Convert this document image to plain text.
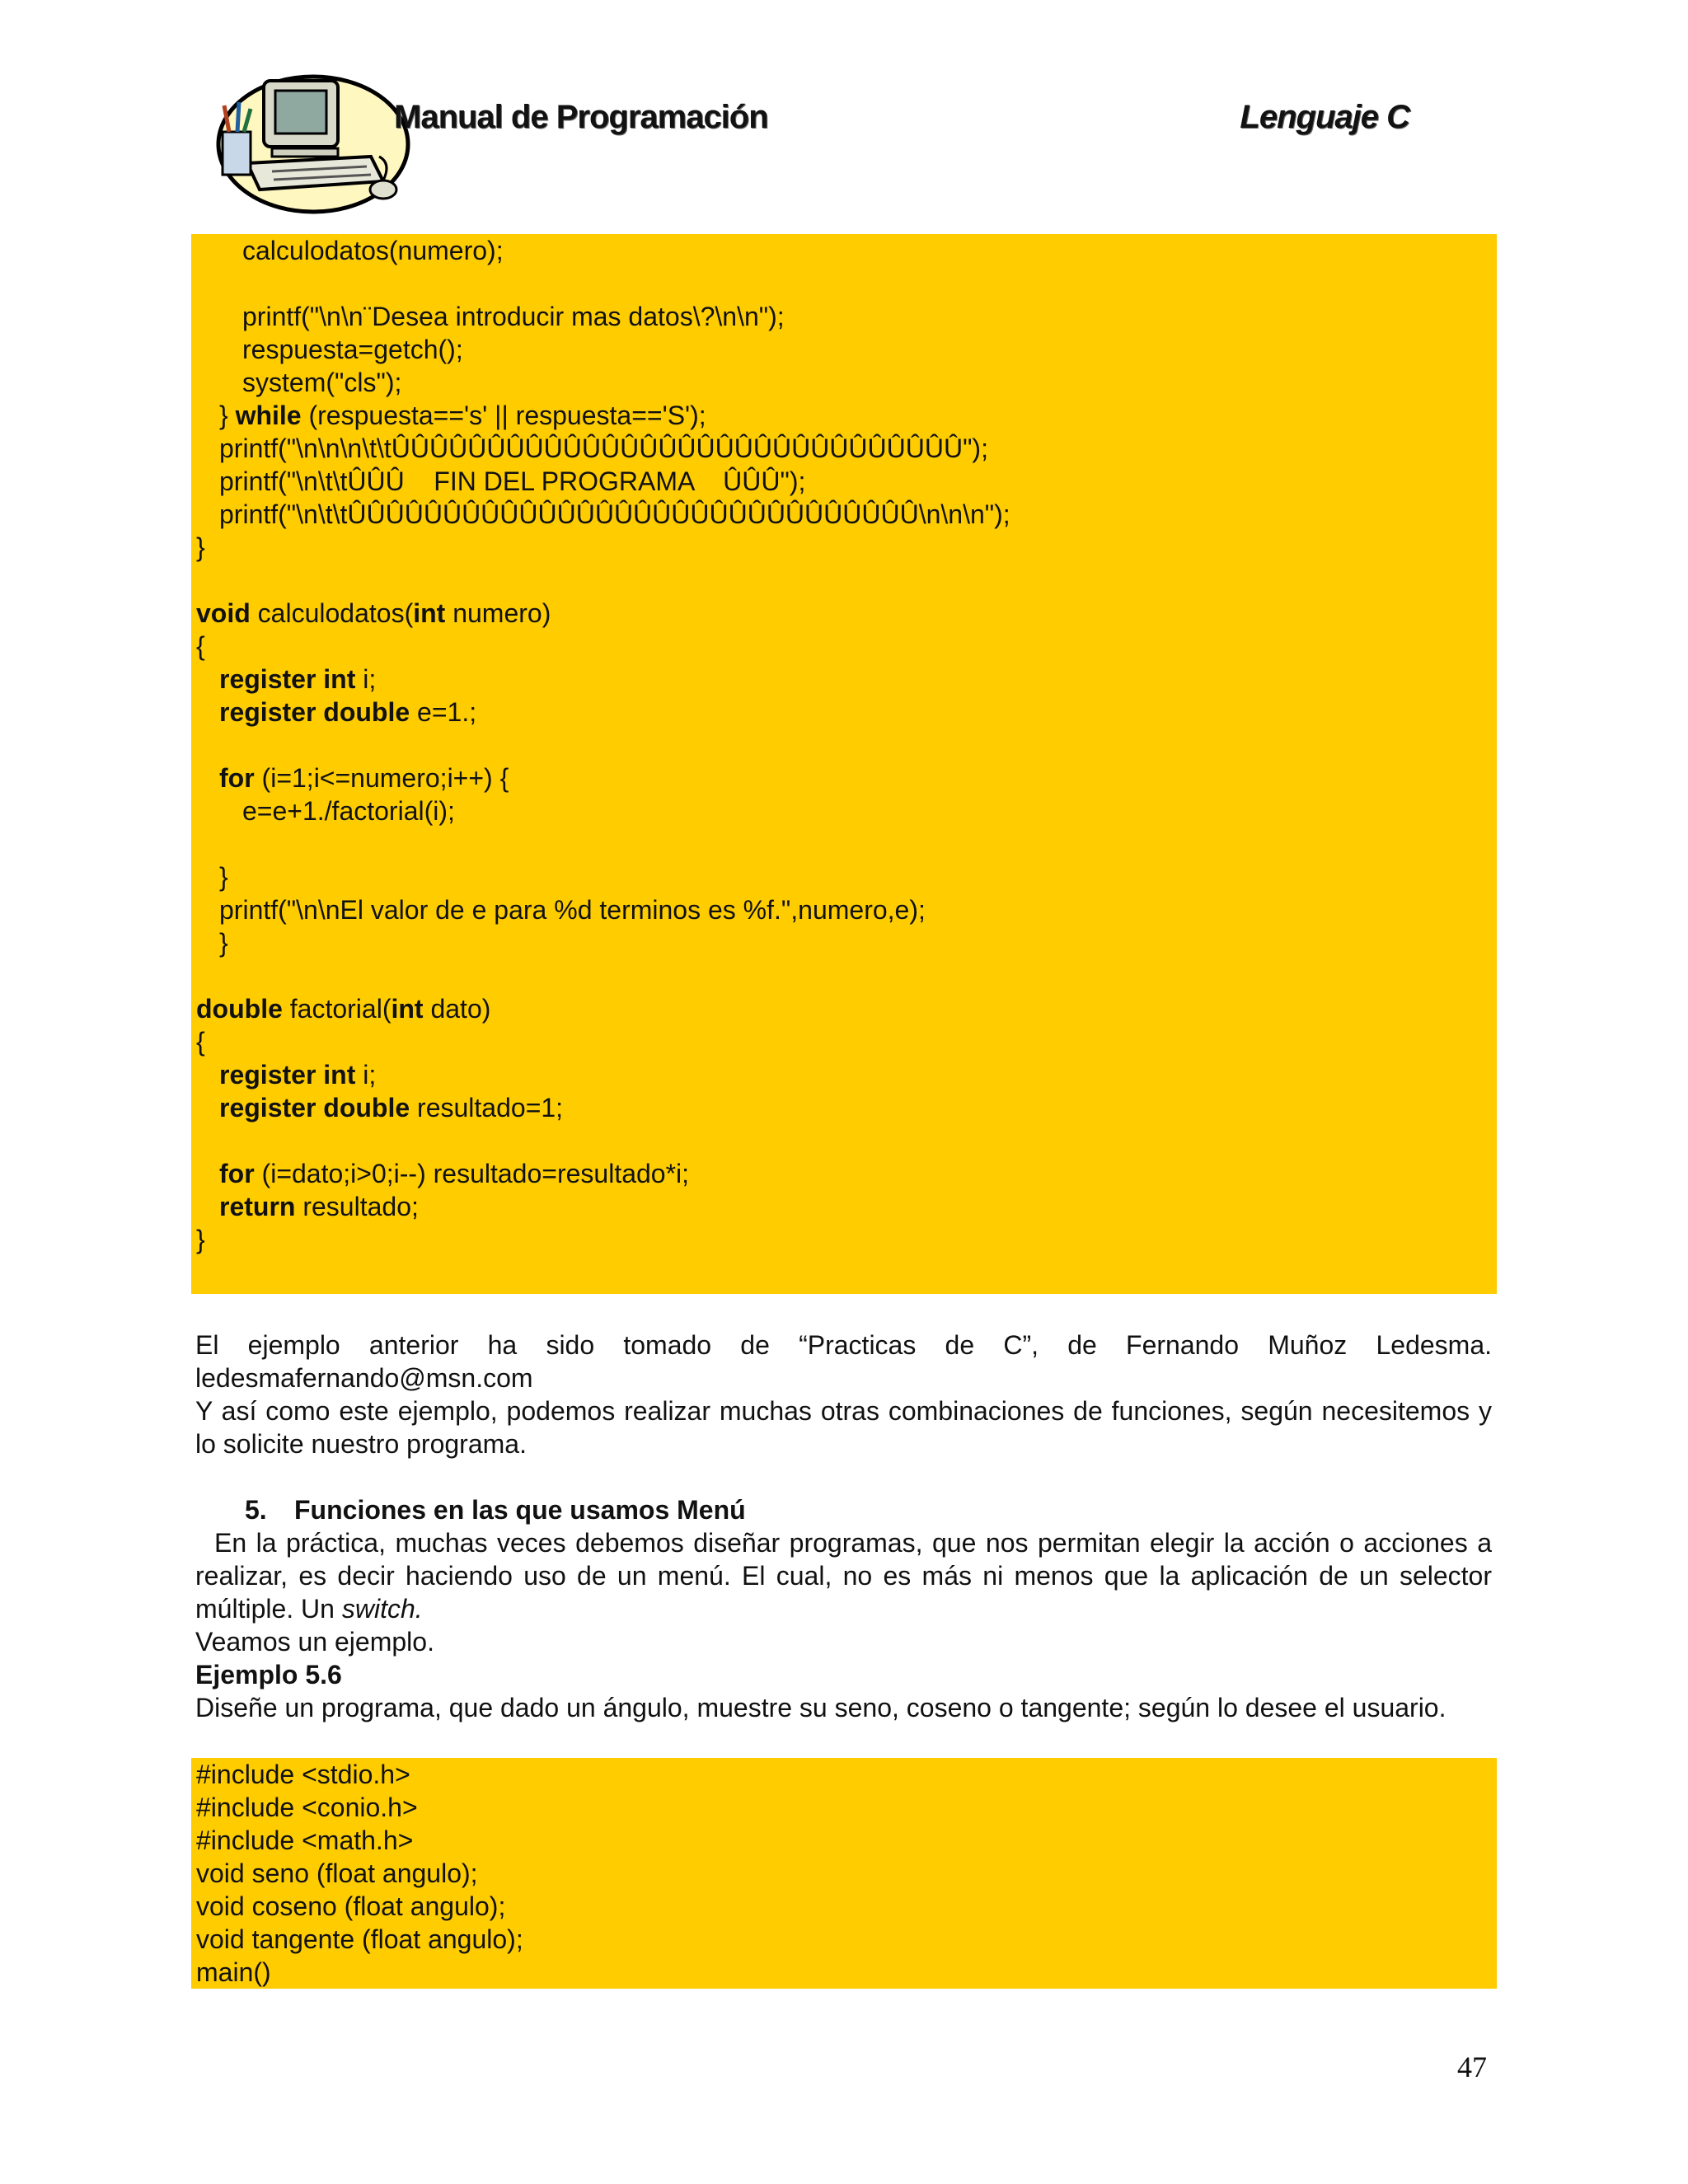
Manual de Programación	Lenguaje C
calculodatos(numero);
printf("\n\n¨Desea introducir mas datos\?\n\n");
respuesta=getch();
system("cls");
} while (respuesta=='s' || respuesta=='S');
printf("\n\n\n\t\tÛÛÛÛÛÛÛÛÛÛÛÛÛÛÛÛÛÛÛÛÛÛÛÛÛÛÛÛÛÛ");
printf("\n\t\tÛÛÛ    FIN DEL PROGRAMA    ÛÛÛ");
printf("\n\t\tÛÛÛÛÛÛÛÛÛÛÛÛÛÛÛÛÛÛÛÛÛÛÛÛÛÛÛÛÛÛ\n\n\n");
}
void calculodatos(int numero)
{
register int i;
register double e=1.;
for (i=1;i<=numero;i++) {
e=e+1./factorial(i);
}
printf("\n\nEl valor de e para %d terminos es %f.",numero,e);
}
double factorial(int dato)
{
register int i;
register double resultado=1;
for (i=dato;i>0;i--) resultado=resultado*i;
return resultado;
}
El ejemplo anterior ha sido tomado de “Practicas de C”, de Fernando Muñoz Ledesma.
ledesmafernando@msn.com
Y así como este ejemplo, podemos realizar muchas otras combinaciones de funciones, según necesitemos y lo solicite nuestro programa.
5. Funciones en las que usamos Menú
En la práctica, muchas veces debemos diseñar programas, que nos permitan elegir la acción o acciones a realizar, es decir haciendo uso de un menú. El cual, no es más ni menos que la aplicación de un selector múltiple. Un switch.
Veamos un ejemplo.
Ejemplo 5.6
Diseñe un programa, que dado un ángulo, muestre su seno, coseno o tangente; según lo desee el usuario.
#include <stdio.h>
#include <conio.h>
#include <math.h>
void seno (float angulo);
void coseno (float angulo);
void tangente (float angulo);
main()
47
